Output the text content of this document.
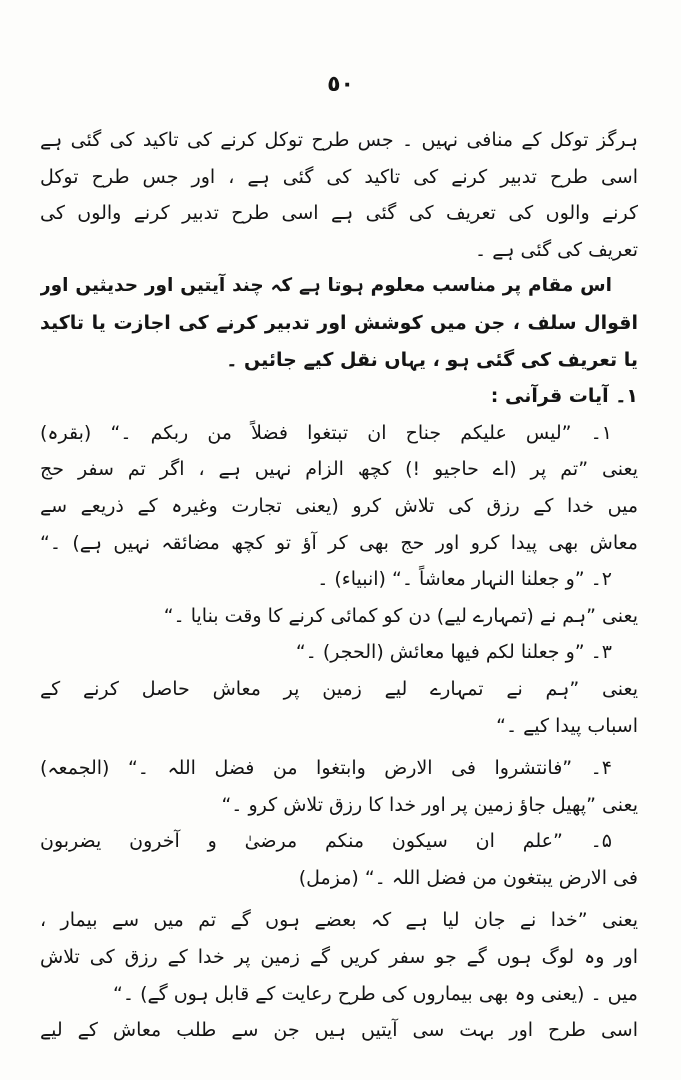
٥٠
ہرگز توکل کے منافی نہیں ۔ جس طرح توکل کرنے کی تاکید کی گئی ہے
اسی طرح تدبیر کرنے کی تاکید کی گئی ہے ، اور جس طرح توکل
کرنے والوں کی تعریف کی گئی ہے اسی طرح تدبیر کرنے والوں کی
تعریف کی گئی ہے ۔
اس مقام پر مناسب معلوم ہوتا ہے کہ چند آیتیں اور حدیثیں اور
اقوال سلف ، جن میں کوشش اور تدبیر کرنے کی اجازت یا تاکید
یا تعریف کی گئی ہو ، یہاں نقل کیے جائیں ۔
۱۔ آیات قرآنی :
۱۔ ”لیس علیکم جناح ان تبتغوا فضلاً من ربکم ۔“ (بقرہ)
یعنی ”تم پر (اے حاجیو !) کچھ الزام نہیں ہے ، اگر تم سفر حج
میں خدا کے رزق کی تلاش کرو (یعنی تجارت وغیرہ کے ذریعے سے
معاش بھی پیدا کرو اور حج بھی کر آؤ تو کچھ مضائقہ نہیں ہے) ۔“
۲۔ ”و جعلنا النہار معاشاً ۔“ (انبیاء) ۔
یعنی ”ہم نے (تمہارے لیے) دن کو کمائی کرنے کا وقت بنایا ۔“
۳۔ ”و جعلنا لکم فیھا معائش (الحجر) ۔“
یعنی ”ہم نے تمہارے لیے زمین پر معاش حاصل کرنے کے
اسباب پیدا کیے ۔“
۴۔ ”فانتشروا فی الارض وابتغوا من فضل اللہ ۔“ (الجمعہ)
یعنی ”پھیل جاؤ زمین پر اور خدا کا رزق تلاش کرو ۔“
۵۔ ”علم ان سیکون منکم مرضیٰ و آخرون یضربون
فی الارض یبتغون من فضل اللہ ۔“ (مزمل)
یعنی ”خدا نے جان لیا ہے کہ بعضے ہوں گے تم میں سے بیمار ،
اور وہ لوگ ہوں گے جو سفر کریں گے زمین پر خدا کے رزق کی تلاش
میں ۔ (یعنی وہ بھی بیماروں کی طرح رعایت کے قابل ہوں گے) ۔“
اسی طرح اور بہت سی آیتیں ہیں جن سے طلب معاش کے لیے
